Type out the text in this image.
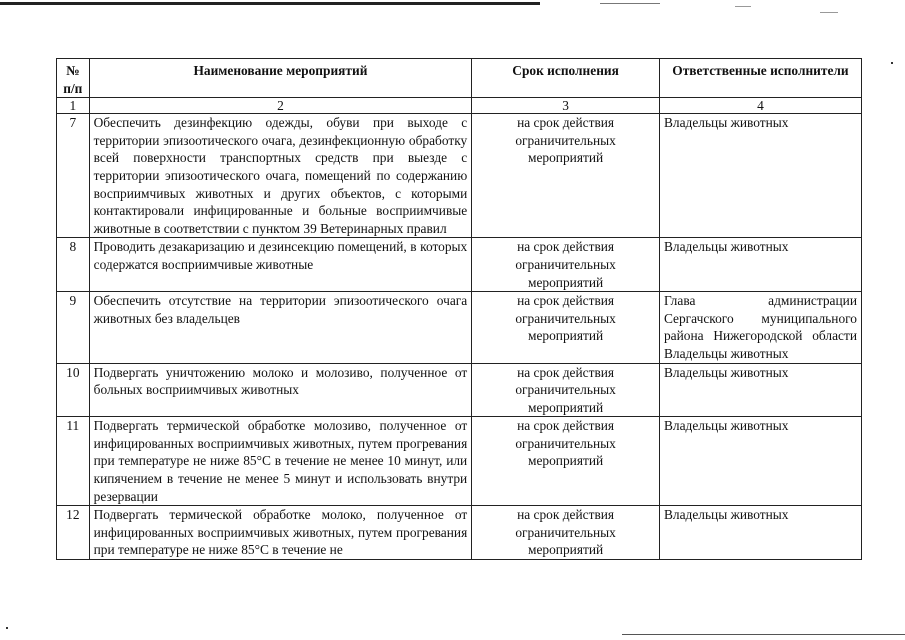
№ п/п	Наименование мероприятий	Срок исполнения	Ответственные исполнители
1	2	3	4
7	Обеспечить дезинфекцию одежды, обуви при выходе с территории эпизоотического очага, дезинфекционную обработку всей поверхности транспортных средств при выезде с территории эпизоотического очага, помещений по содержанию восприимчивых животных и других объектов, с которыми контактировали инфицированные и больные восприимчивые животные в соответствии с пунктом 39 Ветеринарных правил	на срок действия ограничительных мероприятий	Владельцы животных
8	Проводить дезакаризацию и дезинсекцию помещений, в которых содержатся восприимчивые животные	на срок действия ограничительных мероприятий	Владельцы животных
9	Обеспечить отсутствие на территории эпизоотического очага животных без владельцев	на срок действия ограничительных мероприятий	Глава администрации Сергачского муниципального района Нижегородской области Владельцы животных
10	Подвергать уничтожению молоко и молозиво, полученное от больных восприимчивых животных	на срок действия ограничительных мероприятий	Владельцы животных
11	Подвергать термической обработке молозиво, полученное от инфицированных восприимчивых животных, путем прогревания при температуре не ниже 85°С в течение не менее 10 минут, или кипячением в течение не менее 5 минут и использовать внутри резервации	на срок действия ограничительных мероприятий	Владельцы животных
12	Подвергать термической обработке молоко, полученное от инфицированных восприимчивых животных, путем прогревания при температуре не ниже 85°С в течение не	на срок действия ограничительных мероприятий	Владельцы животных
